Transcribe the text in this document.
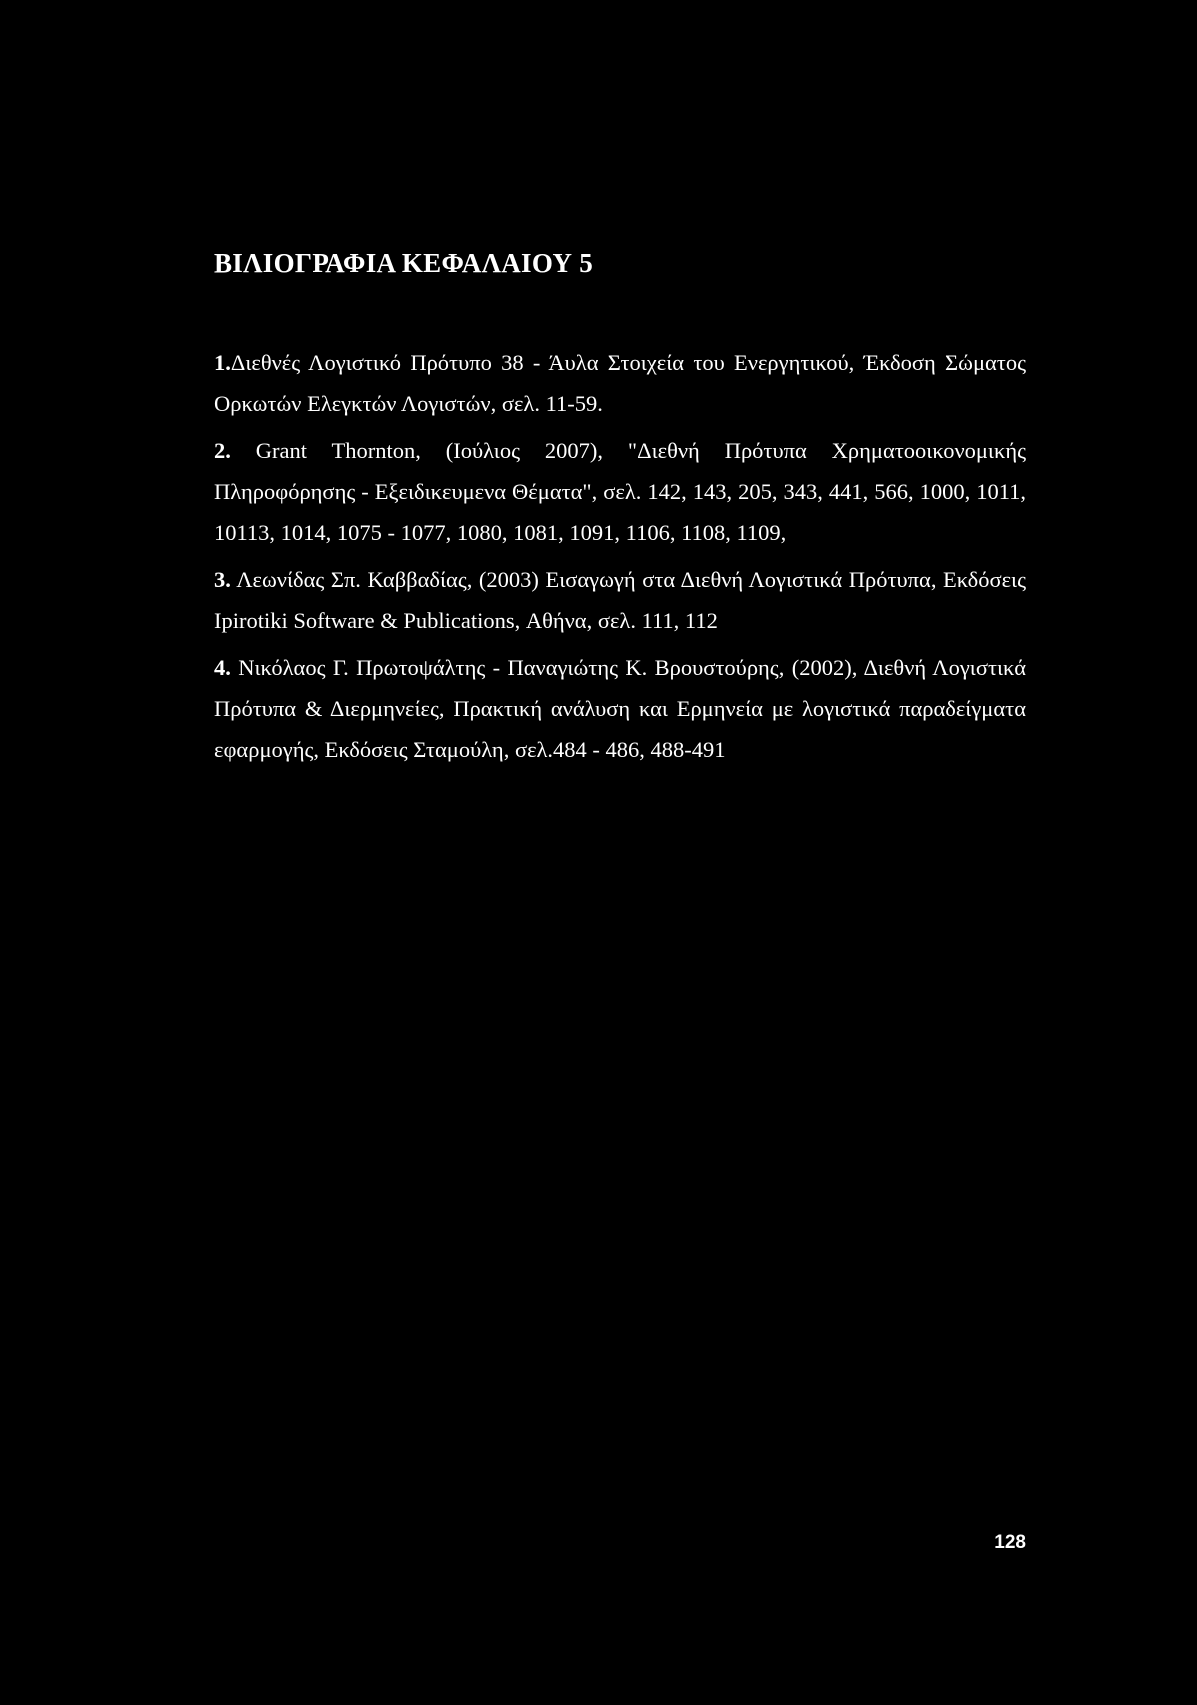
ΒΙΛΙΟΓΡΑΦΙΑ ΚΕΦΑΛΑΙΟΥ 5

1.Διεθνές Λογιστικό Πρότυπο 38 - Άυλα Στοιχεία του Ενεργητικού, Έκδοση Σώματος Ορκωτών Ελεγκτών Λογιστών, σελ. 11-59.

2. Grant Thornton, (Ιούλιος 2007), "Διεθνή Πρότυπα Χρηματοοικονομικής Πληροφόρησης - Εξειδικευμενα Θέματα", σελ. 142, 143, 205, 343, 441, 566, 1000, 1011, 10113, 1014, 1075 - 1077, 1080, 1081, 1091, 1106, 1108, 1109,

3. Λεωνίδας Σπ. Καββαδίας, (2003) Εισαγωγή στα Διεθνή Λογιστικά Πρότυπα, Εκδόσεις Ipirotiki Software & Publications, Αθήνα, σελ. 111, 112

4. Νικόλαος Γ. Πρωτοψάλτης - Παναγιώτης Κ. Βρουστούρης, (2002), Διεθνή Λογιστικά Πρότυπα & Διερμηνείες, Πρακτική ανάλυση και Ερμηνεία με λογιστικά παραδείγματα εφαρμογής, Εκδόσεις Σταμούλη, σελ.484 - 486, 488-491

128
